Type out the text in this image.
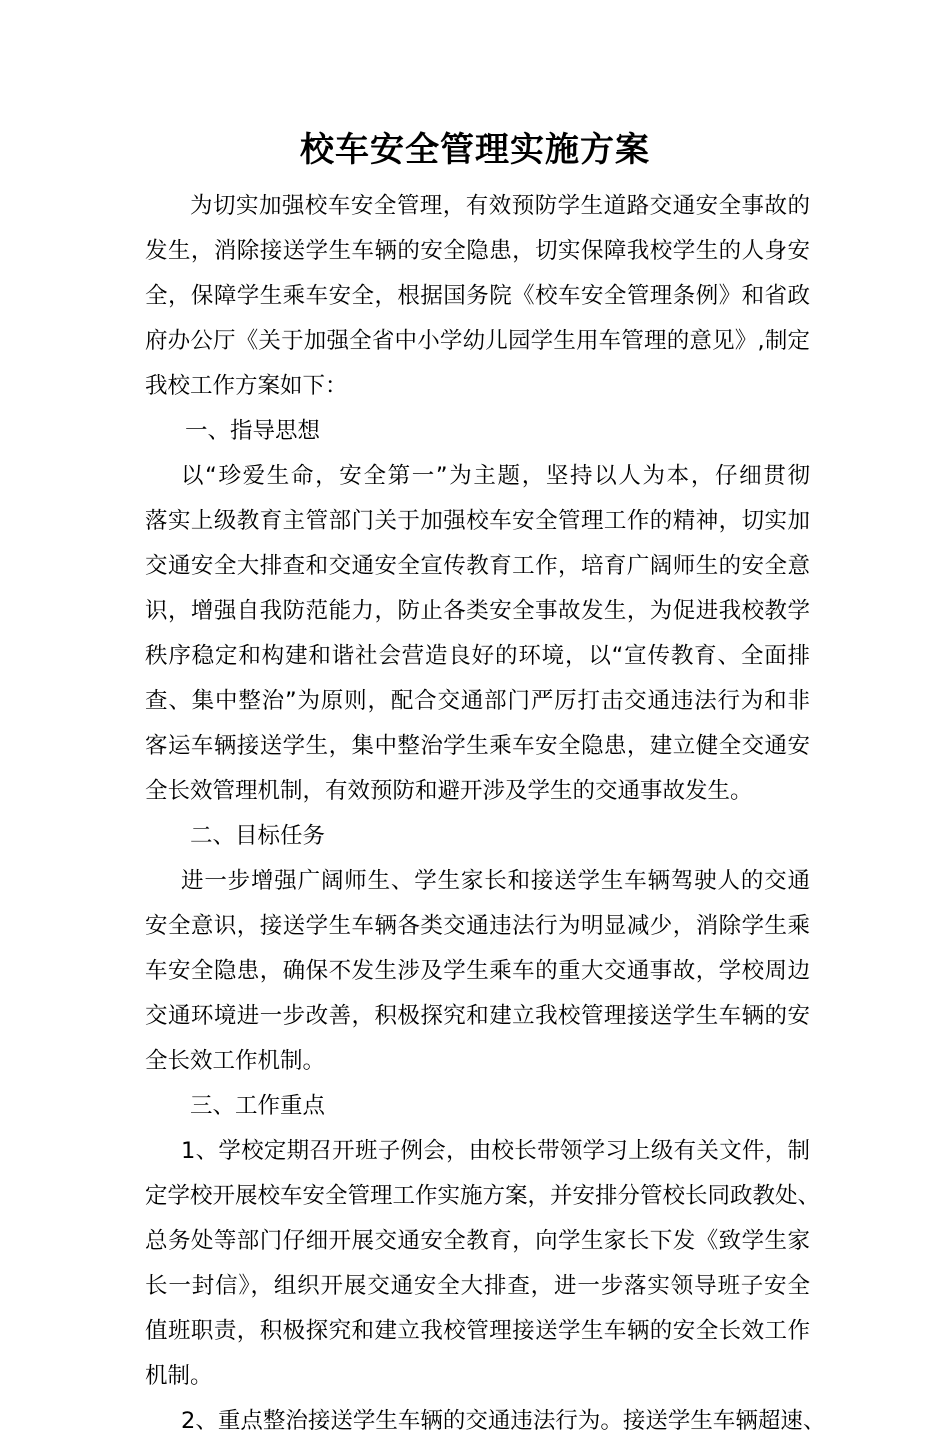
校车安全管理实施方案
为切实加强校车安全管理，有效预防学生道路交通安全事故的
发生，消除接送学生车辆的安全隐患，切实保障我校学生的人身安
全，保障学生乘车安全，根据国务院《校车安全管理条例》和省政
府办公厅《关于加强全省中小学幼儿园学生用车管理的意见》,制定
我校工作方案如下：
一、指导思想
以“珍爱生命，安全第一”为主题，坚持以人为本，仔细贯彻
落实上级教育主管部门关于加强校车安全管理工作的精神，切实加
交通安全大排查和交通安全宣传教育工作，培育广阔师生的安全意
识，增强自我防范能力，防止各类安全事故发生，为促进我校教学
秩序稳定和构建和谐社会营造良好的环境，以“宣传教育、全面排
查、集中整治”为原则，配合交通部门严厉打击交通违法行为和非
客运车辆接送学生，集中整治学生乘车安全隐患，建立健全交通安
全长效管理机制，有效预防和避开涉及学生的交通事故发生。
二、目标任务
进一步增强广阔师生、学生家长和接送学生车辆驾驶人的交通
安全意识，接送学生车辆各类交通违法行为明显减少，消除学生乘
车安全隐患，确保不发生涉及学生乘车的重大交通事故，学校周边
交通环境进一步改善，积极探究和建立我校管理接送学生车辆的安
全长效工作机制。
三、工作重点
1、学校定期召开班子例会，由校长带领学习上级有关文件，制
定学校开展校车安全管理工作实施方案，并安排分管校长同政教处、
总务处等部门仔细开展交通安全教育，向学生家长下发《致学生家
长一封信》，组织开展交通安全大排查，进一步落实领导班子安全
值班职责，积极探究和建立我校管理接送学生车辆的安全长效工作
机制。
2、重点整治接送学生车辆的交通违法行为。接送学生车辆超速、
